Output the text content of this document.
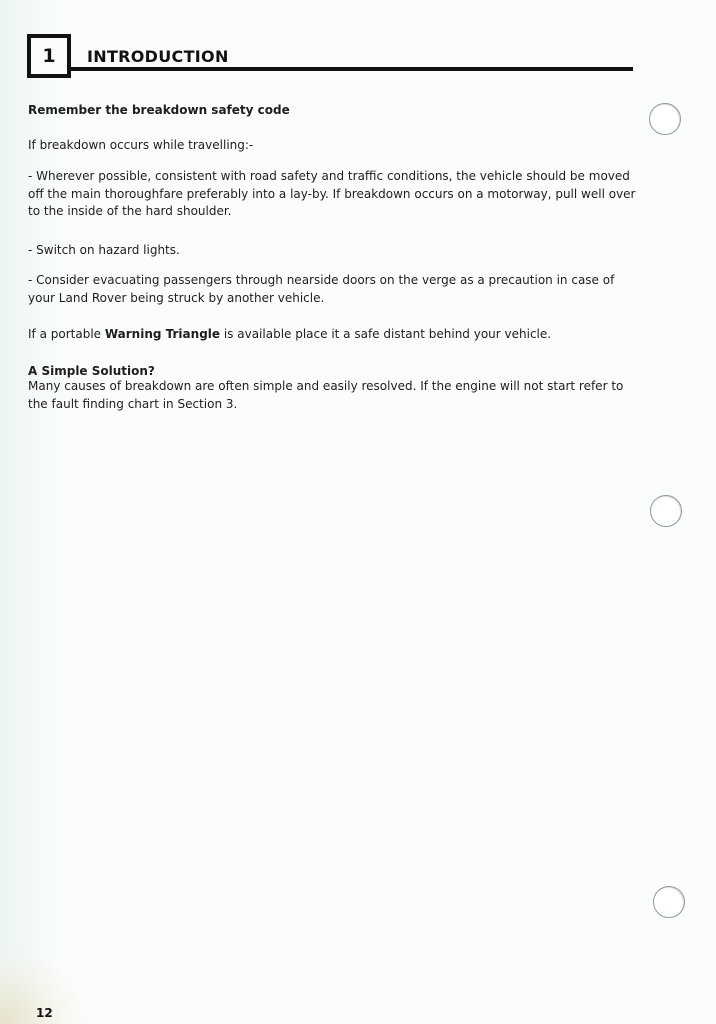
1 INTRODUCTION

Remember the breakdown safety code

If breakdown occurs while travelling:-

- Wherever possible, consistent with road safety and traffic conditions, the vehicle should be moved off the main thoroughfare preferably into a lay-by. If breakdown occurs on a motorway, pull well over to the inside of the hard shoulder.

- Switch on hazard lights.

- Consider evacuating passengers through nearside doors on the verge as a precaution in case of your Land Rover being struck by another vehicle.

If a portable Warning Triangle is available place it a safe distant behind your vehicle.

A Simple Solution?

Many causes of breakdown are often simple and easily resolved. If the engine will not start refer to the fault finding chart in Section 3.

12
